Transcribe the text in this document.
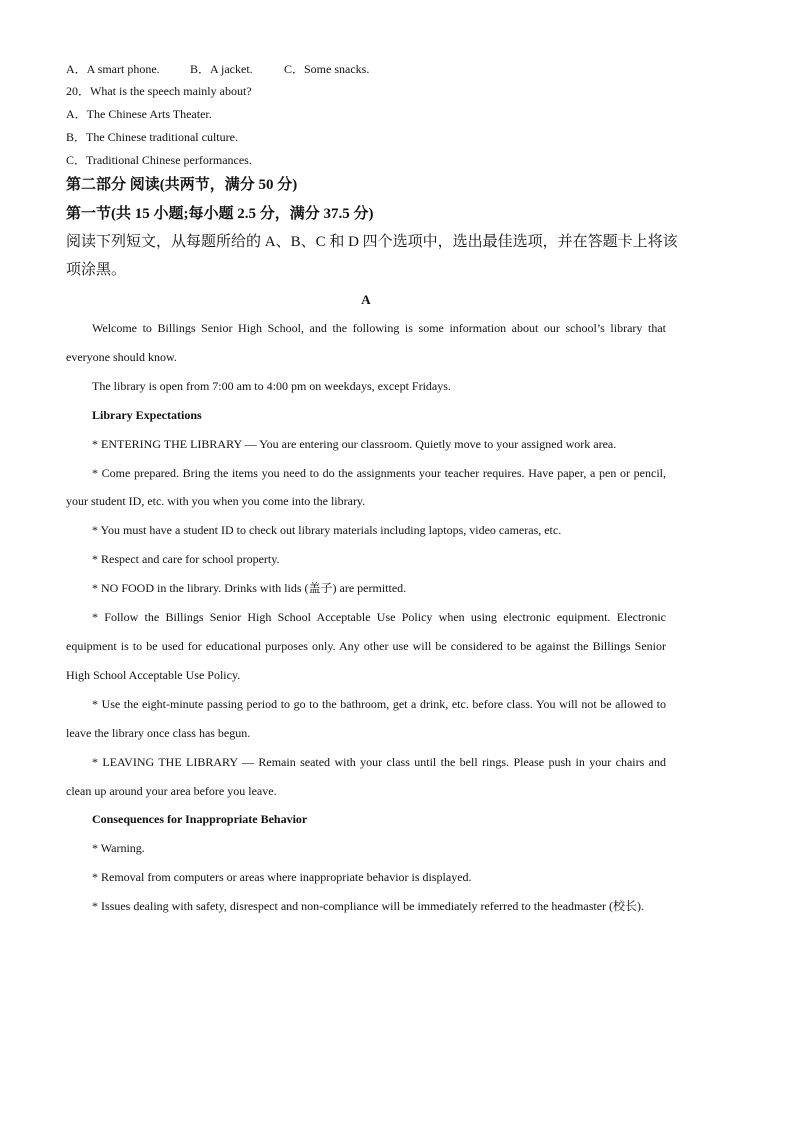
A．A smart phone.	B．A jacket.	C．Some snacks.
20．What is the speech mainly about?
A．The Chinese Arts Theater.
B．The Chinese traditional culture.
C．Traditional Chinese performances.
第二部分 阅读(共两节，满分 50 分)
第一节(共 15 小题;每小题 2.5 分，满分 37.5 分)
阅读下列短文，从每题所给的 A、B、C 和 D 四个选项中，选出最佳选项，并在答题卡上将该
项涂黑。
A

Welcome to Billings Senior High School, and the following is some information about our school’s library that everyone should know.

The library is open from 7:00 am to 4:00 pm on weekdays, except Fridays.

Library Expectations

* ENTERING THE LIBRARY — You are entering our classroom. Quietly move to your assigned work area.

* Come prepared. Bring the items you need to do the assignments your teacher requires. Have paper, a pen or pencil, your student ID, etc. with you when you come into the library.

* You must have a student ID to check out library materials including laptops, video cameras, etc.

* Respect and care for school property.

* NO FOOD in the library. Drinks with lids (盖子) are permitted.

* Follow the Billings Senior High School Acceptable Use Policy when using electronic equipment. Electronic equipment is to be used for educational purposes only. Any other use will be considered to be against the Billings Senior High School Acceptable Use Policy.

* Use the eight-minute passing period to go to the bathroom, get a drink, etc. before class. You will not be allowed to leave the library once class has begun.

* LEAVING THE LIBRARY — Remain seated with your class until the bell rings. Please push in your chairs and clean up around your area before you leave.

Consequences for Inappropriate Behavior

* Warning.

* Removal from computers or areas where inappropriate behavior is displayed.

* Issues dealing with safety, disrespect and non-compliance will be immediately referred to the headmaster (校长).
